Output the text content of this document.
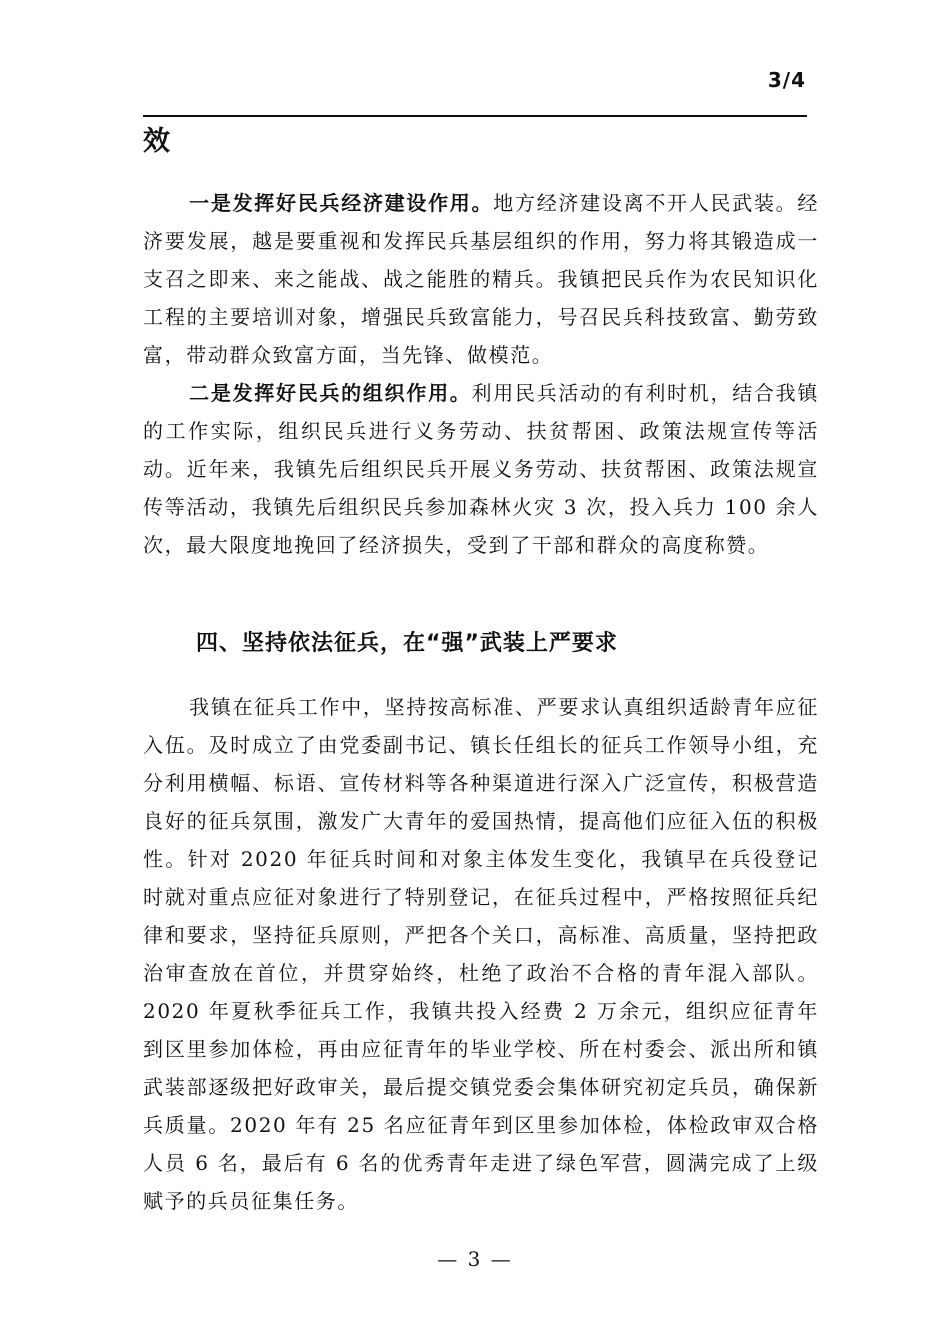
3/4
效

一是发挥好民兵经济建设作用。地方经济建设离不开人民武装。经济要发展，越是要重视和发挥民兵基层组织的作用，努力将其锻造成一支召之即来、来之能战、战之能胜的精兵。我镇把民兵作为农民知识化工程的主要培训对象，增强民兵致富能力，号召民兵科技致富、勤劳致富，带动群众致富方面，当先锋、做模范。

二是发挥好民兵的组织作用。利用民兵活动的有利时机，结合我镇的工作实际，组织民兵进行义务劳动、扶贫帮困、政策法规宣传等活动。近年来，我镇先后组织民兵开展义务劳动、扶贫帮困、政策法规宣传等活动，我镇先后组织民兵参加森林火灾 3 次，投入兵力 100 余人次，最大限度地挽回了经济损失，受到了干部和群众的高度称赞。

四、坚持依法征兵，在“强”武装上严要求

我镇在征兵工作中，坚持按高标准、严要求认真组织适龄青年应征入伍。及时成立了由党委副书记、镇长任组长的征兵工作领导小组，充分利用横幅、标语、宣传材料等各种渠道进行深入广泛宣传，积极营造良好的征兵氛围，激发广大青年的爱国热情，提高他们应征入伍的积极性。针对 2020 年征兵时间和对象主体发生变化，我镇早在兵役登记时就对重点应征对象进行了特别登记，在征兵过程中，严格按照征兵纪律和要求，坚持征兵原则，严把各个关口，高标准、高质量，坚持把政治审查放在首位，并贯穿始终，杜绝了政治不合格的青年混入部队。2020 年夏秋季征兵工作，我镇共投入经费 2 万余元，组织应征青年到区里参加体检，再由应征青年的毕业学校、所在村委会、派出所和镇武装部逐级把好政审关，最后提交镇党委会集体研究初定兵员，确保新兵质量。2020 年有 25 名应征青年到区里参加体检，体检政审双合格人员 6 名，最后有 6 名的优秀青年走进了绿色军营，圆满完成了上级赋予的兵员征集任务。

— 3 —
